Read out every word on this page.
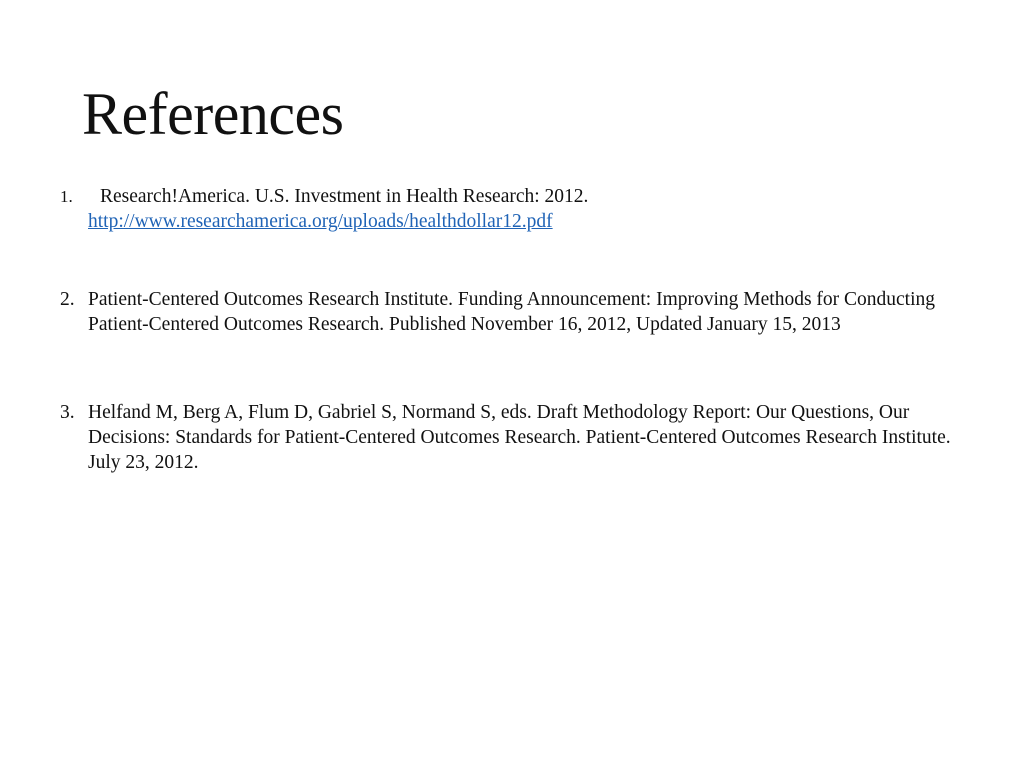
References
1. Research!America. U.S. Investment in Health Research: 2012.
http://www.researchamerica.org/uploads/healthdollar12.pdf
2. Patient-Centered Outcomes Research Institute. Funding Announcement: Improving Methods for Conducting Patient-Centered Outcomes Research. Published November 16, 2012, Updated January 15, 2013
3. Helfand M, Berg A, Flum D, Gabriel S, Normand S, eds. Draft Methodology Report: Our Questions, Our Decisions: Standards for Patient-Centered Outcomes Research. Patient-Centered Outcomes Research Institute. July 23, 2012.
